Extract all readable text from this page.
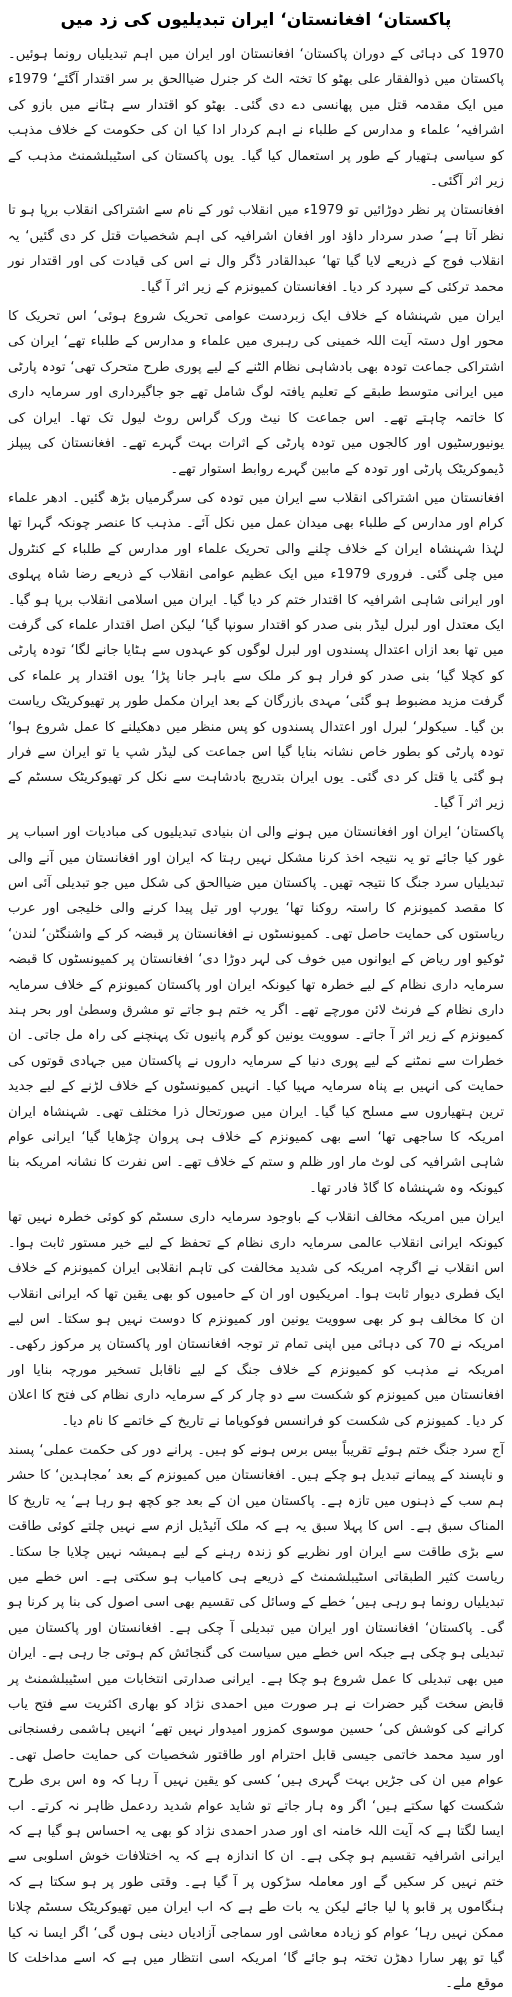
پاکستان‘ افغانستان‘ ایران تبدیلیوں کی زد میں

1970 کی دہائی کے دوران پاکستان‘ افغانستان اور ایران میں اہم تبدیلیاں رونما ہوئیں۔ پاکستان میں ذوالفقار علی بھٹو کا تختہ الٹ کر جنرل ضیاالحق بر سر اقتدار آگئے‘ 1979ء میں ایک مقدمہ قتل میں پھانسی دے دی گئی۔ بھٹو کو اقتدار سے ہٹانے میں بازو کی اشرافیہ‘ علماء و مدارس کے طلباء نے اہم کردار ادا کیا ان کی حکومت کے خلاف مذہب کو سیاسی ہتھیار کے طور پر استعمال کیا گیا۔ یوں پاکستان کی اسٹیبلشمنٹ مذہب کے زیر اثر آگئی۔

افغانستان پر نظر دوڑائیں تو 1979ء میں انقلاب ثور کے نام سے اشتراکی انقلاب برپا ہو تا نظر آتا ہے‘ صدر سردار داؤد اور افغان اشرافیہ کی اہم شخصیات قتل کر دی گئیں‘ یہ انقلاب فوج کے ذریعے لایا گیا تھا‘ عبدالقادر ڈگر وال نے اس کی قیادت کی اور اقتدار نور محمد ترکئی کے سپرد کر دیا۔ افغانستان کمیونزم کے زیر اثر آ گیا۔

ایران میں شہنشاہ کے خلاف ایک زبردست عوامی تحریک شروع ہوئی‘ اس تحریک کا محور اول دستہ آیت اللہ خمینی کی رہبری میں علماء و مدارس کے طلباء تھے‘ ایران کی اشتراکی جماعت تودہ بھی بادشاہی نظام الٹنے کے لیے پوری طرح متحرک تھی‘ تودہ پارٹی میں ایرانی متوسط طبقے کے تعلیم یافتہ لوگ شامل تھے جو جاگیرداری اور سرمایہ داری کا خاتمہ چاہتے تھے۔ اس جماعت کا نیٹ ورک گراس روٹ لیول تک تھا۔ ایران کی یونیورسٹیوں اور کالجوں میں تودہ پارٹی کے اثرات بہت گہرے تھے۔ افغانستان کی پیپلز ڈیموکریٹک پارٹی اور تودہ کے مابین گہرے روابط استوار تھے۔

افغانستان میں اشتراکی انقلاب سے ایران میں تودہ کی سرگرمیاں بڑھ گئیں۔ ادھر علماء کرام اور مدارس کے طلباء بھی میدان عمل میں نکل آئے۔ مذہب کا عنصر چونکہ گہرا تھا لہٰذا شہنشاہ ایران کے خلاف چلنے والی تحریک علماء اور مدارس کے طلباء کے کنٹرول میں چلی گئی۔ فروری 1979ء میں ایک عظیم عوامی انقلاب کے ذریعے رضا شاہ پہلوی اور ایرانی شاہی اشرافیہ کا اقتدار ختم کر دیا گیا۔ ایران میں اسلامی انقلاب برپا ہو گیا۔ ایک معتدل اور لبرل لیڈر بنی صدر کو اقتدار سونپا گیا‘ لیکن اصل اقتدار علماء کی گرفت میں تھا بعد ازاں اعتدال پسندوں اور لبرل لوگوں کو عہدوں سے ہٹایا جانے لگا‘ تودہ پارٹی کو کچلا گیا‘ بنی صدر کو فرار ہو کر ملک سے باہر جانا پڑا‘ یوں اقتدار پر علماء کی گرفت مزید مضبوط ہو گئی‘ مہدی بازرگان کے بعد ایران مکمل طور پر تھیوکریٹک ریاست بن گیا۔ سیکولر‘ لبرل اور اعتدال پسندوں کو پس منظر میں دھکیلنے کا عمل شروع ہوا‘ تودہ پارٹی کو بطور خاص نشانہ بنایا گیا اس جماعت کی لیڈر شپ یا تو ایران سے فرار ہو گئی یا قتل کر دی گئی۔ یوں ایران بتدریج بادشاہت سے نکل کر تھیوکریٹک سسٹم کے زیر اثر آ گیا۔

پاکستان‘ ایران اور افغانستان میں ہونے والی ان بنیادی تبدیلیوں کی مبادیات اور اسباب پر غور کیا جائے تو یہ نتیجہ اخذ کرنا مشکل نہیں رہتا کہ ایران اور افغانستان میں آنے والی تبدیلیاں سرد جنگ کا نتیجہ تھیں۔ پاکستان میں ضیاالحق کی شکل میں جو تبدیلی آئی اس کا مقصد کمیونزم کا راستہ روکنا تھا‘ یورپ اور تیل پیدا کرنے والی خلیجی اور عرب ریاستوں کی حمایت حاصل تھی۔ کمیونسٹوں نے افغانستان پر قبضہ کر کے واشنگٹن‘ لندن‘ ٹوکیو اور ریاض کے ایوانوں میں خوف کی لہر دوڑا دی‘ افغانستان پر کمیونسٹوں کا قبضہ سرمایہ داری نظام کے لیے خطرہ تھا کیونکہ ایران اور پاکستان کمیونزم کے خلاف سرمایہ داری نظام کے فرنٹ لائن مورچے تھے۔ اگر یہ ختم ہو جاتے تو مشرق وسطیٰ اور بحر ہند کمیونزم کے زیر اثر آ جاتے۔ سوویت یونین کو گرم پانیوں تک پہنچنے کی راہ مل جاتی۔ ان خطرات سے نمٹنے کے لیے پوری دنیا کے سرمایہ داروں نے پاکستان میں جہادی قوتوں کی حمایت کی انہیں بے پناہ سرمایہ مہیا کیا۔ انہیں کمیونسٹوں کے خلاف لڑنے کے لیے جدید ترین ہتھیاروں سے مسلح کیا گیا۔ ایران میں صورتحال ذرا مختلف تھی۔ شہنشاہ ایران امریکہ کا ساجھی تھا‘ اسے بھی کمیونزم کے خلاف ہی پروان چڑھایا گیا‘ ایرانی عوام شاہی اشرافیہ کی لوٹ مار اور ظلم و ستم کے خلاف تھے۔ اس نفرت کا نشانہ امریکہ بنا کیونکہ وہ شہنشاہ کا گاڈ فادر تھا۔

ایران میں امریکہ مخالف انقلاب کے باوجود سرمایہ داری سسٹم کو کوئی خطرہ نہیں تھا کیونکہ ایرانی انقلاب عالمی سرمایہ داری نظام کے تحفظ کے لیے خیر مستور ثابت ہوا۔ اس انقلاب نے اگرچہ امریکہ کی شدید مخالفت کی تاہم انقلابی ایران کمیونزم کے خلاف ایک فطری دیوار ثابت ہوا۔ امریکیوں اور ان کے حامیوں کو بھی یقین تھا کہ ایرانی انقلاب ان کا مخالف ہو کر بھی سوویت یونین اور کمیونزم کا دوست نہیں ہو سکتا۔ اس لیے امریکہ نے 70 کی دہائی میں اپنی تمام تر توجہ افغانستان اور پاکستان پر مرکوز رکھی۔ امریکہ نے مذہب کو کمیونزم کے خلاف جنگ کے لیے ناقابل تسخیر مورچہ بنایا اور افغانستان میں کمیونزم کو شکست سے دو چار کر کے سرمایہ داری نظام کی فتح کا اعلان کر دیا۔ کمیونزم کی شکست کو فرانسس فوکویاما نے تاریخ کے خاتمے کا نام دیا۔

آج سرد جنگ ختم ہوئے تقریباً بیس برس ہونے کو ہیں۔ پرانے دور کی حکمت عملی‘ پسند و ناپسند کے پیمانے تبدیل ہو چکے ہیں۔ افغانستان میں کمیونزم کے بعد ’مجاہدین‘ کا حشر ہم سب کے ذہنوں میں تازہ ہے۔ پاکستان میں ان کے بعد جو کچھ ہو رہا ہے‘ یہ تاریخ کا المناک سبق ہے۔ اس کا پہلا سبق یہ ہے کہ ملک آئیڈیل ازم سے نہیں چلتے کوئی طاقت سے بڑی طاقت سے ایران اور نظریے کو زندہ رہنے کے لیے ہمیشہ نہیں چلایا جا سکتا۔ ریاست کثیر الطبقاتی اسٹیبلشمنٹ کے ذریعے ہی کامیاب ہو سکتی ہے۔ اس خطے میں تبدیلیاں رونما ہو رہی ہیں‘ خطے کے وسائل کی تقسیم بھی اسی اصول کی بنا پر کرنا ہو گی۔ پاکستان‘ افغانستان اور ایران میں تبدیلی آ چکی ہے۔ افغانستان اور پاکستان میں تبدیلی ہو چکی ہے جبکہ اس خطے میں سیاست کی گنجائش کم ہوتی جا رہی ہے۔ ایران میں بھی تبدیلی کا عمل شروع ہو چکا ہے۔ ایرانی صدارتی انتخابات میں اسٹیبلشمنٹ پر قابض سخت گیر حضرات نے ہر صورت میں احمدی نژاد کو بھاری اکثریت سے فتح یاب کرانے کی کوشش کی‘ حسین موسوی کمزور امیدوار نہیں تھے‘ انہیں ہاشمی رفسنجانی اور سید محمد خاتمی جیسی قابل احترام اور طاقتور شخصیات کی حمایت حاصل تھی۔ عوام میں ان کی جڑیں بہت گہری ہیں‘ کسی کو یقین نہیں آ رہا کہ وہ اس بری طرح شکست کھا سکتے ہیں‘ اگر وہ ہار جاتے تو شاید عوام شدید ردعمل ظاہر نہ کرتے۔ اب ایسا لگتا ہے کہ آیت اللہ خامنہ ای اور صدر احمدی نژاد کو بھی یہ احساس ہو گیا ہے کہ ایرانی اشرافیہ تقسیم ہو چکی ہے۔ ان کا اندازہ ہے کہ یہ اختلافات خوش اسلوبی سے ختم نہیں کر سکیں گے اور معاملہ سڑکوں پر آ گیا ہے۔ وقتی طور پر ہو سکتا ہے کہ ہنگاموں پر قابو پا لیا جائے لیکن یہ بات طے ہے کہ اب ایران میں تھیوکریٹک سسٹم چلانا ممکن نہیں رہا‘ عوام کو زیادہ معاشی اور سماجی آزادیاں دینی ہوں گی‘ اگر ایسا نہ کیا گیا تو پھر سارا دھڑن تختہ ہو جائے گا‘ امریکہ اسی انتظار میں ہے کہ اسے مداخلت کا موقع ملے۔
